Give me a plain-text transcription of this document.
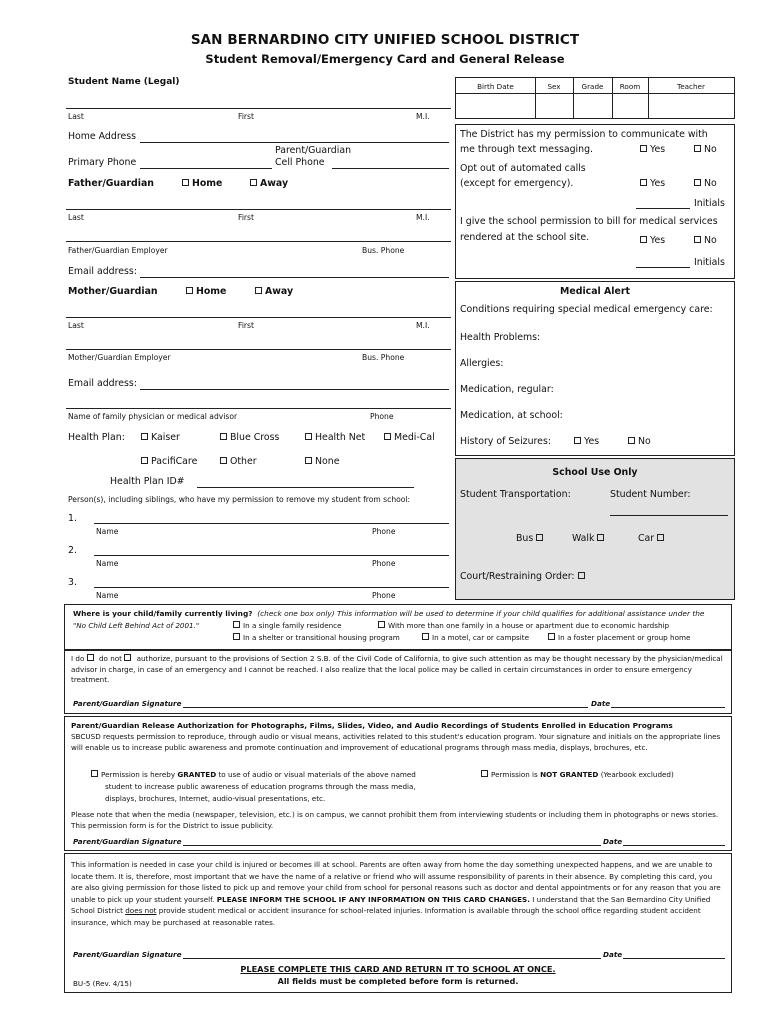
SAN BERNARDINO CITY UNIFIED SCHOOL DISTRICT
Student Removal/Emergency Card and General Release
Student Name (Legal)
Last	First	M.I.
Home Address
Parent/Guardian
Primary Phone	Cell Phone
Father/Guardian	Home	Away
Last	First	M.I.
Father/Guardian Employer	Bus. Phone
Email address:
Mother/Guardian	Home	Away
Last	First	M.I.
Mother/Guardian Employer	Bus. Phone
Email address:
Name of family physician or medical advisor	Phone
Health Plan:	Kaiser	Blue Cross	Health Net	Medi-Cal
PacifiCare	Other	None
Health Plan ID#
Person(s), including siblings, who have my permission to remove my student from school:
1.
Name	Phone
2.
Name	Phone
3.
Name	Phone
Birth Date	Sex	Grade	Room	Teacher
The District has my permission to communicate with
me through text messaging.	Yes	No
Opt out of automated calls
(except for emergency).	Yes	No
Initials
I give the school permission to bill for medical services
rendered at the school site.	Yes	No
Initials
Medical Alert
Conditions requiring special medical emergency care:
Health Problems:
Allergies:
Medication, regular:
Medication, at school:
History of Seizures:	Yes	No
School Use Only
Student Transportation:	Student Number:
Bus	Walk	Car
Court/Restraining Order:
Where is your child/family currently living? (check one box only) This information will be used to determine if your child qualifies for additional assistance under the
"No Child Left Behind Act of 2001."	In a single family residence	With more than one family in a house or apartment due to economic hardship
In a shelter or transitional housing program	In a motel, car or campsite	In a foster placement or group home
I do do not authorize, pursuant to the provisions of Section 2 S.B. of the Civil Code of California, to give such attention as may be thought necessary by the physician/medical advisor in charge, in case of an emergency and I cannot be reached. I also realize that the local police may be called in certain circumstances in order to ensure emergency treatment.
Parent/Guardian Signature	Date
Parent/Guardian Release Authorization for Photographs, Films, Slides, Video, and Audio Recordings of Students Enrolled in Education Programs
SBCUSD requests permission to reproduce, through audio or visual means, activities related to this student's education program. Your signature and initials on the appropriate lines will enable us to increase public awareness and promote continuation and improvement of educational programs through mass media, displays, brochures, etc.
Permission is hereby GRANTED to use of audio or visual materials of the above named
student to increase public awareness of education programs through the mass media,
displays, brochures, Internet, audio-visual presentations, etc.
Permission is NOT GRANTED (Yearbook excluded)
Please note that when the media (newspaper, television, etc.) is on campus, we cannot prohibit them from interviewing students or including them in photographs or news stories. This permission form is for the District to issue publicity.
Parent/Guardian Signature	Date
This information is needed in case your child is injured or becomes ill at school. Parents are often away from home the day something unexpected happens, and we are unable to locate them. It is, therefore, most important that we have the name of a relative or friend who will assume responsibility of parents in their absence. By completing this card, you are also giving permission for those listed to pick up and remove your child from school for personal reasons such as doctor and dental appointments or for any reason that you are unable to pick up your student yourself. PLEASE INFORM THE SCHOOL IF ANY INFORMATION ON THIS CARD CHANGES. I understand that the San Bernardino City Unified School District does not provide student medical or accident insurance for school-related injuries. Information is available through the school office regarding student accident insurance, which may be purchased at reasonable rates.
Parent/Guardian Signature	Date
BU-5 (Rev. 4/15)
PLEASE COMPLETE THIS CARD AND RETURN IT TO SCHOOL AT ONCE.
All fields must be completed before form is returned.
